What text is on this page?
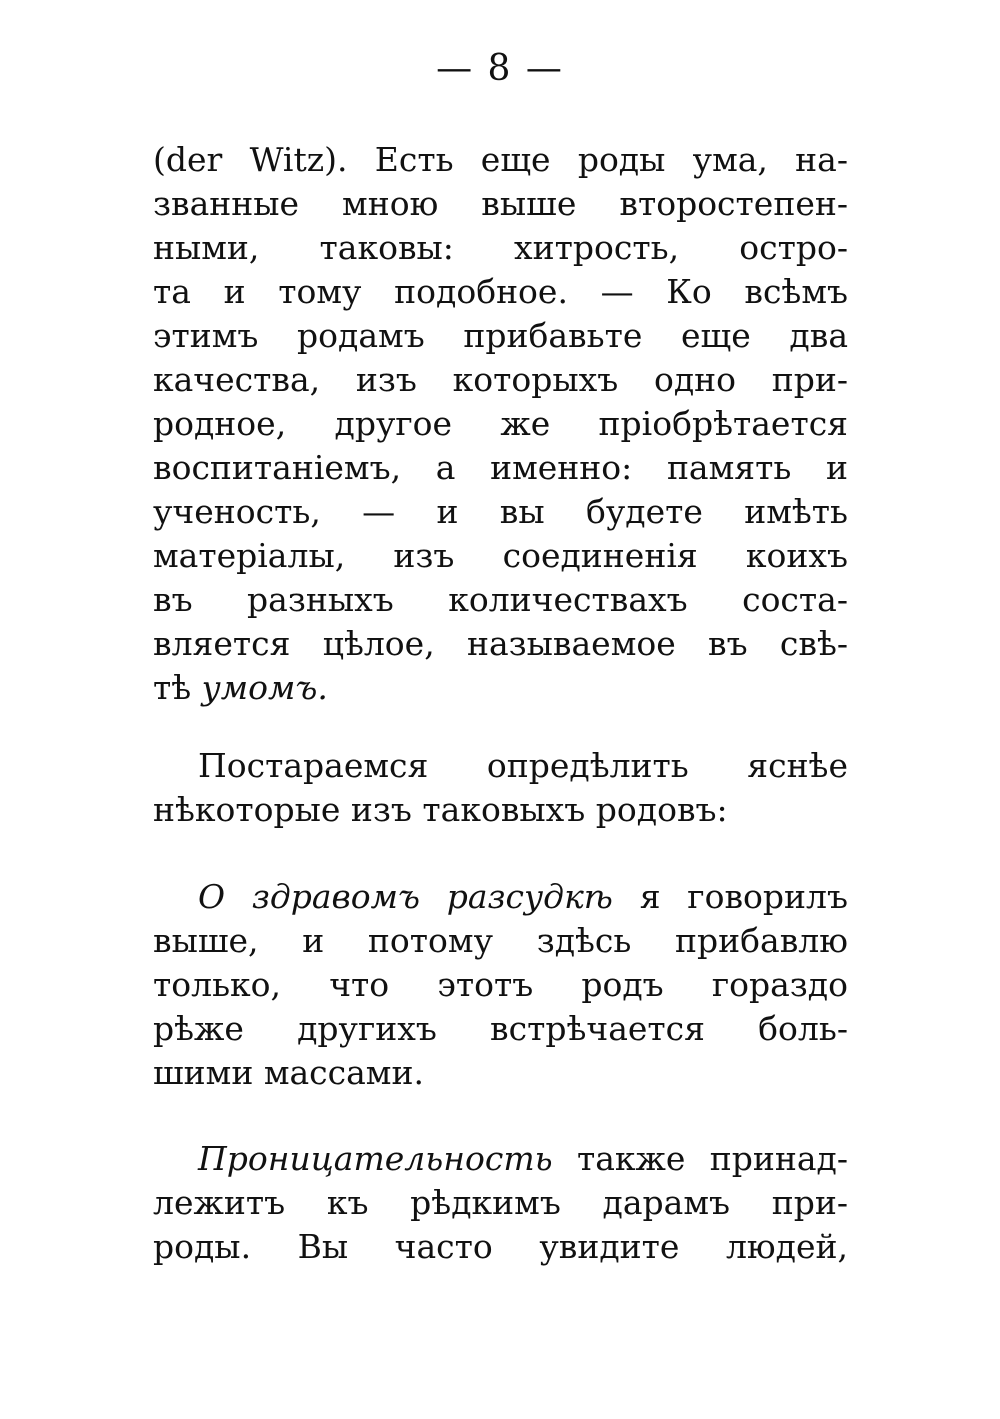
— 8 —
(der Witz). Есть еще роды ума, на-
званные мною выше второстепен-
ными, таковы: хитрость, остро-
та и тому подобное. — Ко всѣмъ
этимъ родамъ прибавьте еще два
качества, изъ которыхъ одно при-
родное, другое же пріобрѣтается
воспитаніемъ, а именно: память и
ученость, — и вы будете имѣть
матеріалы, изъ соединенія коихъ
въ разныхъ количествахъ соста-
вляется цѣлое, называемое въ свѣ-
тѣ умомъ.
Постараемся опредѣлить яснѣе
нѣкоторые изъ таковыхъ родовъ:
О здравомъ разсудкѣ я говорилъ
выше, и потому здѣсь прибавлю
только, что этотъ родъ гораздо
рѣже другихъ встрѣчается боль-
шими массами.
Проницательность также принад-
лежитъ къ рѣдкимъ дарамъ при-
роды. Вы часто увидите людей,
